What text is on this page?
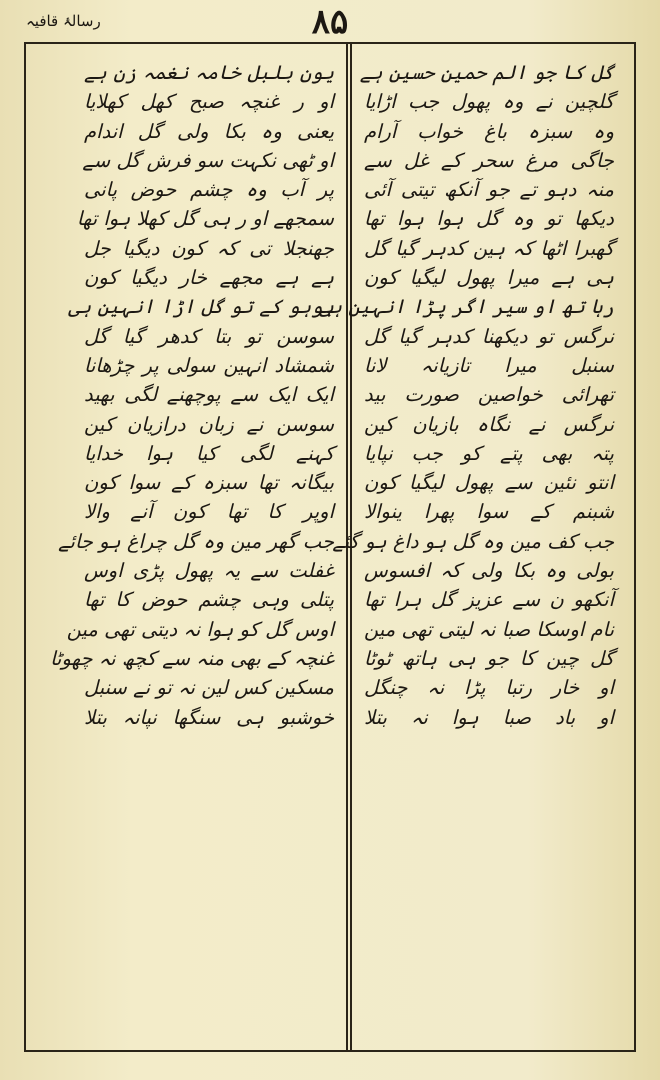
رسالۂ قافیہ	۸۵
گل کا جو الم حمین حسین ہے
گلچین نے وہ پھول جب اڑایا
وہ سبزہ باغ خواب آرام
جاگی مرغ سحر کے غل سے
منہ دہو تے جو آنکھ تیتی آئی
دیکھا تو وہ گل ہوا ہوا تھا
گھبرا اٹھا کہ ہین کدہر گیا گل
ہی ہے میرا پھول لیگیا کون
رہا تھ او سیر اگر پڑا انہین ہی
نرگس تو دیکھنا کدہر گیا گل
سنبل میرا تازیانہ لانا
تھرائی خواصین صورت بید
نرگس نے نگاہ بازیان کین
پتہ بھی پتے کو جب نپایا
انتو نئین سے پھول لیگیا کون
شبنم کے سوا پھرا ینوالا
جب کف مین وہ گل ہو داغ ہو گئے
بولی وہ بکا ولی کہ افسوس
آنکھو ن سے عزیز گل ہرا تھا
نام اوسکا صبا نہ لیتی تھی مین
گل چین کا جو ہی ہاتھ ٹوٹا
او خار رتبا پڑا نہ چنگل
او باد صبا ہوا نہ بتلا
یون بلبل خامہ نغمہ زن ہے
او ر غنچہ صبح کھل کھلایا
یعنی وہ بکا ولی گل اندام
او ٹھی نکہت سو فرش گل سے
پر آب وہ چشم حوض پانی
سمجھے او ر ہی گل کھلا ہوا تھا
جھنجلا تی کہ کون دیگیا جل
ہے ہے مجھے خار دیگیا کون
بوہو کے تو گل اڑا انہین ہی
سوسن تو بتا کدھر گیا گل
شمشاد انہین سولی پر چڑھانا
ایک ایک سے پوچھنے لگی بھید
سوسن نے زبان درازیان کین
کہنے لگی کیا ہوا خدایا
بیگانہ تھا سبزہ کے سوا کون
اوپر کا تھا کون آنے والا
جب گھر مین وہ گل چراغ ہو جائے
غفلت سے یہ پھول پڑی اوس
پتلی وہی چشم حوض کا تھا
اوس گل کو ہوا نہ دیتی تھی مین
غنچہ کے بھی منہ سے کچھ نہ چھوٹا
مسکین کس لین نہ تو نے سنبل
خوشبو ہی سنگھا نپانہ بتلا
